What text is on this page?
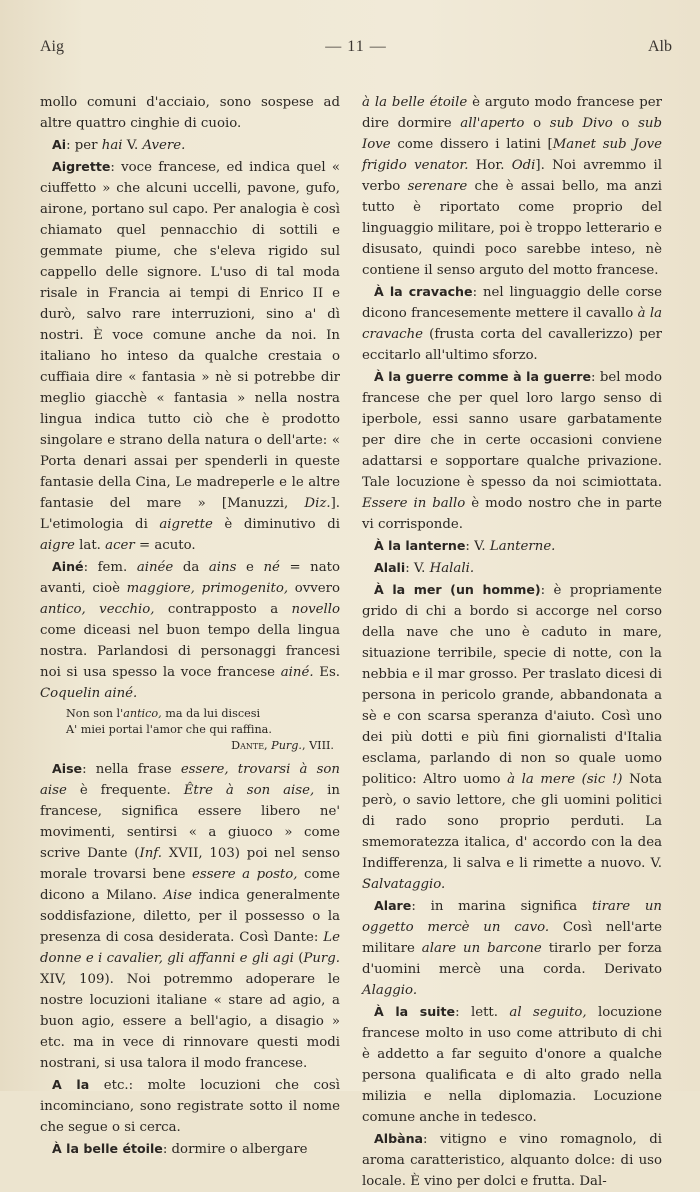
Aig	— 11 —	Alb

mollo comuni d'acciaio, sono sospese ad altre quattro cinghie di cuoio.

Ai: per hai V. Avere.

Aigrette: voce francese, ed indica quel « ciuffetto » che alcuni uccelli, pavone, gufo, airone, portano sul capo. Per analogia è così chiamato quel pennacchio di sottili e gemmate piume, che s'eleva rigido sul cappello delle signore. L'uso di tal moda risale in Francia ai tempi di Enrico II e durò, salvo rare interruzioni, sino a' dì nostri. È voce comune anche da noi. In italiano ho inteso da qualche crestaia o cuffiaia dire « fantasia » nè si potrebbe dir meglio giacchè « fantasia » nella nostra lingua indica tutto ciò che è prodotto singolare e strano della natura o dell'arte: « Porta denari assai per spenderli in queste fantasie della Cina, Le madreperle e le altre fantasie del mare » [Manuzzi, Diz.]. L'etimologia di aigrette è diminutivo di aigre lat. acer = acuto.

Ainé: fem. ainée da ains e né = nato avanti, cioè maggiore, primogenito, ovvero antico, vecchio, contrapposto a novello come diceasi nel buon tempo della lingua nostra. Parlandosi di personaggi francesi noi si usa spesso la voce francese ainé. Es. Coquelin ainé.

Non son l'antico, ma da lui discesi
A' miei portai l'amor che qui raffina.
Dante, Purg., VIII.

Aise: nella frase essere, trovarsi à son aise è frequente. Être à son aise, in francese, significa essere libero ne' movimenti, sentirsi « a giuoco » come scrive Dante (Inf. XVII, 103) poi nel senso morale trovarsi bene essere a posto, come dicono a Milano. Aise indica generalmente soddisfazione, diletto, per il possesso o la presenza di cosa desiderata. Così Dante: Le donne e i cavalier, gli affanni e gli agi (Purg. XIV, 109). Noi potremmo adoperare le nostre locuzioni italiane « stare ad agio, a buon agio, essere a bell'agio, a disagio » etc. ma in vece di rinnovare questi modi nostrani, si usa talora il modo francese.

A la etc.: molte locuzioni che così incominciano, sono registrate sotto il nome che segue o si cerca.

À la belle étoile: dormire o albergare

à la belle étoile è arguto modo francese per dire dormire all'aperto o sub Divo o sub Iove come dissero i latini [Manet sub Jove frigido venator. Hor. Odi]. Noi avremmo il verbo serenare che è assai bello, ma anzi tutto è riportato come proprio del linguaggio militare, poi è troppo letterario e disusato, quindi poco sarebbe inteso, nè contiene il senso arguto del motto francese.

À la cravache: nel linguaggio delle corse dicono francesemente mettere il cavallo à la cravache (frusta corta del cavallerizzo) per eccitarlo all'ultimo sforzo.

À la guerre comme à la guerre: bel modo francese che per quel loro largo senso di iperbole, essi sanno usare garbatamente per dire che in certe occasioni conviene adattarsi e sopportare qualche privazione. Tale locuzione è spesso da noi scimiottata. Essere in ballo è modo nostro che in parte vi corrisponde.

À la lanterne: V. Lanterne.

Alali: V. Halali.

À la mer (un homme): è propriamente grido di chi a bordo si accorge nel corso della nave che uno è caduto in mare, situazione terribile, specie di notte, con la nebbia e il mar grosso. Per traslato dicesi di persona in pericolo grande, abbandonata a sè e con scarsa speranza d'aiuto. Così uno dei più dotti e più fini giornalisti d'Italia esclama, parlando di non so quale uomo politico: Altro uomo à la mere (sic !) Nota però, o savio lettore, che gli uomini politici di rado sono proprio perduti. La smemoratezza italica, d' accordo con la dea Indifferenza, li salva e li rimette a nuovo. V. Salvataggio.

Alare: in marina significa tirare un oggetto mercè un cavo. Così nell'arte militare alare un barcone tirarlo per forza d'uomini mercè una corda. Derivato Alaggio.

À la suite: lett. al seguito, locuzione francese molto in uso come attributo di chi è addetto a far seguito d'onore a qualche persona qualificata e di alto grado nella milizia e nella diplomazia. Locuzione comune anche in tedesco.

Albàna: vitigno e vino romagnolo, di aroma caratteristico, alquanto dolce: di uso locale. È vino per dolci e frutta. Dal-
